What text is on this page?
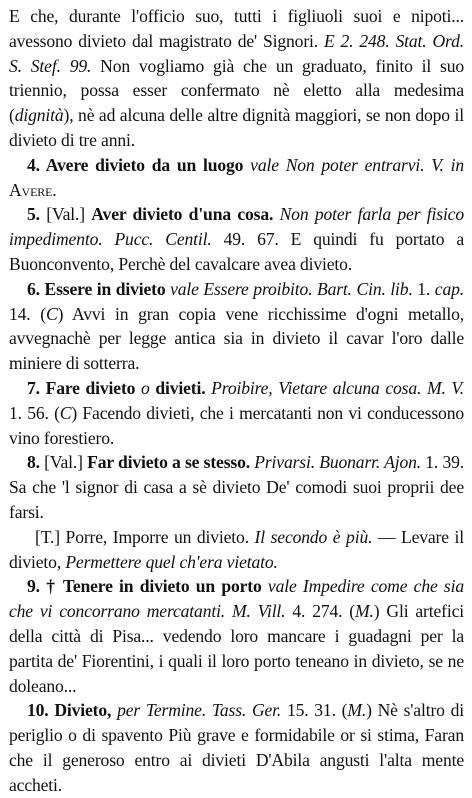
E che, durante l'officio suo, tutti i figliuoli suoi e nipoti... avessono divieto dal magistrato de' Signori. E 2. 248. Stat. Ord. S. Stef. 99. Non vogliamo già che un graduato, finito il suo triennio, possa esser confermato nè eletto alla medesima (dignità), nè ad alcuna delle altre dignità maggiori, se non dopo il divieto di tre anni.

4. Avere divieto da un luogo vale Non poter entrarvi. V. in Avere.

5. [Val.] Aver divieto d'una cosa. Non poter farla per fisico impedimento. Pucc. Centil. 49. 67. E quindi fu portato a Buonconvento, Perchè del cavalcare avea divieto.

6. Essere in divieto vale Essere proibito. Bart. Cin. lib. 1. cap. 14. (C) Avvi in gran copia vene ricchissime d'ogni metallo, avvegnachè per legge antica sia in divieto il cavar l'oro dalle miniere di sotterra.

7. Fare divieto o divieti. Proibire, Vietare alcuna cosa. M. V. 1. 56. (C) Facendo divieti, che i mercatanti non vi conducessono vino forestiero.

8. [Val.] Far divieto a se stesso. Privarsi. Buonarr. Ajon. 1. 39. Sa che 'l signor di casa a sè divieto De' comodi suoi proprii dee farsi.

[T.] Porre, Imporre un divieto. Il secondo è più. — Levare il divieto, Permettere quel ch'era vietato.

9. † Tenere in divieto un porto vale Impedire come che sia che vi concorrano mercatanti. M. Vill. 4. 274. (M.) Gli artefici della città di Pisa... vedendo loro mancare i guadagni per la partita de' Fiorentini, i quali il loro porto teneano in divieto, se ne doleano...

10. Divieto, per Termine. Tass. Ger. 15. 31. (M.) Nè s'altro di periglio o di spavento Più grave e formidabile or si stima, Faran che il generoso entro ai divieti D'Abila angusti l'alta mente accheti.
